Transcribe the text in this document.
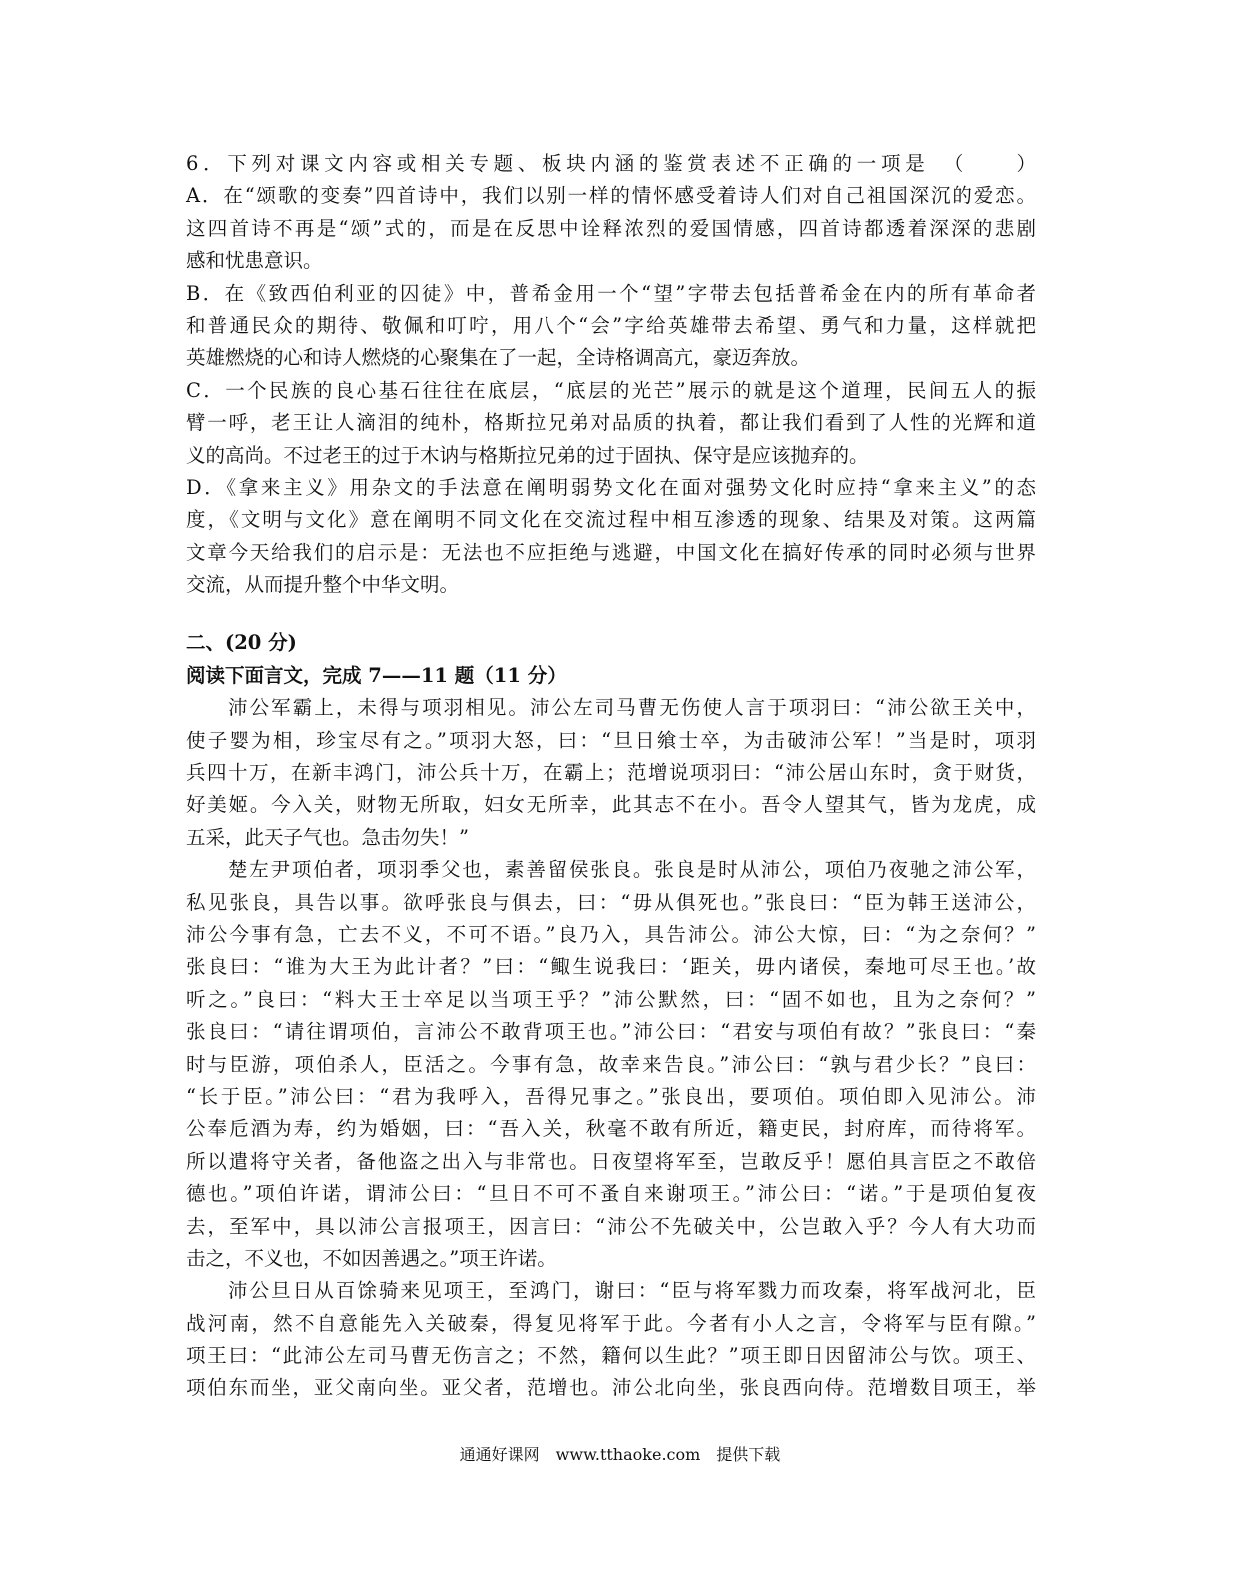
6．下列对课文内容或相关专题、板块内涵的鉴赏表述不正确的一项是　（　　）
A．在“颂歌的变奏”四首诗中，我们以别一样的情怀感受着诗人们对自己祖国深沉的爱恋。
这四首诗不再是“颂”式的，而是在反思中诠释浓烈的爱国情感，四首诗都透着深深的悲剧
感和忧患意识。
B．在《致西伯利亚的囚徒》中，普希金用一个“望”字带去包括普希金在内的所有革命者
和普通民众的期待、敬佩和叮咛，用八个“会”字给英雄带去希望、勇气和力量，这样就把
英雄燃烧的心和诗人燃烧的心聚集在了一起，全诗格调高亢，豪迈奔放。
C．一个民族的良心基石往往在底层，“底层的光芒”展示的就是这个道理，民间五人的振
臂一呼，老王让人滴泪的纯朴，格斯拉兄弟对品质的执着，都让我们看到了人性的光辉和道
义的高尚。不过老王的过于木讷与格斯拉兄弟的过于固执、保守是应该抛弃的。
D．《拿来主义》用杂文的手法意在阐明弱势文化在面对强势文化时应持“拿来主义”的态
度，《文明与文化》意在阐明不同文化在交流过程中相互渗透的现象、结果及对策。这两篇
文章今天给我们的启示是：无法也不应拒绝与逃避，中国文化在搞好传承的同时必须与世界
交流，从而提升整个中华文明。
二、(20 分)
阅读下面言文，完成 7——11 题（11 分）
沛公军霸上，未得与项羽相见。沛公左司马曹无伤使人言于项羽曰：“沛公欲王关中，
使子婴为相，珍宝尽有之。”项羽大怒，曰：“旦日飨士卒，为击破沛公军！”当是时，项羽
兵四十万，在新丰鸿门，沛公兵十万，在霸上；范增说项羽曰：“沛公居山东时，贪于财货，
好美姬。今入关，财物无所取，妇女无所幸，此其志不在小。吾令人望其气，皆为龙虎，成
五采，此天子气也。急击勿失！”
楚左尹项伯者，项羽季父也，素善留侯张良。张良是时从沛公，项伯乃夜驰之沛公军，
私见张良，具告以事。欲呼张良与俱去，曰：“毋从俱死也。”张良曰：“臣为韩王送沛公，
沛公今事有急，亡去不义，不可不语。”良乃入，具告沛公。沛公大惊，曰：“为之奈何？”
张良曰：“谁为大王为此计者？”曰：“鲰生说我曰：‘距关，毋内诸侯，秦地可尽王也。’故
听之。”良曰：“料大王士卒足以当项王乎？”沛公默然，曰：“固不如也，且为之奈何？”
张良曰：“请往谓项伯，言沛公不敢背项王也。”沛公曰：“君安与项伯有故？”张良曰：“秦
时与臣游，项伯杀人，臣活之。今事有急，故幸来告良。”沛公曰：“孰与君少长？”良曰：
“长于臣。”沛公曰：“君为我呼入，吾得兄事之。”张良出，要项伯。项伯即入见沛公。沛
公奉卮酒为寿，约为婚姻，曰：“吾入关，秋毫不敢有所近，籍吏民，封府库，而待将军。
所以遣将守关者，备他盗之出入与非常也。日夜望将军至，岂敢反乎！愿伯具言臣之不敢倍
德也。”项伯许诺，谓沛公曰：“旦日不可不蚤自来谢项王。”沛公曰：“诺。”于是项伯复夜
去，至军中，具以沛公言报项王，因言曰：“沛公不先破关中，公岂敢入乎？今人有大功而
击之，不义也，不如因善遇之。”项王许诺。
沛公旦日从百馀骑来见项王，至鸿门，谢曰：“臣与将军戮力而攻秦，将军战河北，臣
战河南，然不自意能先入关破秦，得复见将军于此。今者有小人之言，令将军与臣有隙。”
项王曰：“此沛公左司马曹无伤言之；不然，籍何以生此？”项王即日因留沛公与饮。项王、
项伯东而坐，亚父南向坐。亚父者，范增也。沛公北向坐，张良西向侍。范增数目项王，举
通通好课网　www.tthaoke.com　提供下载
